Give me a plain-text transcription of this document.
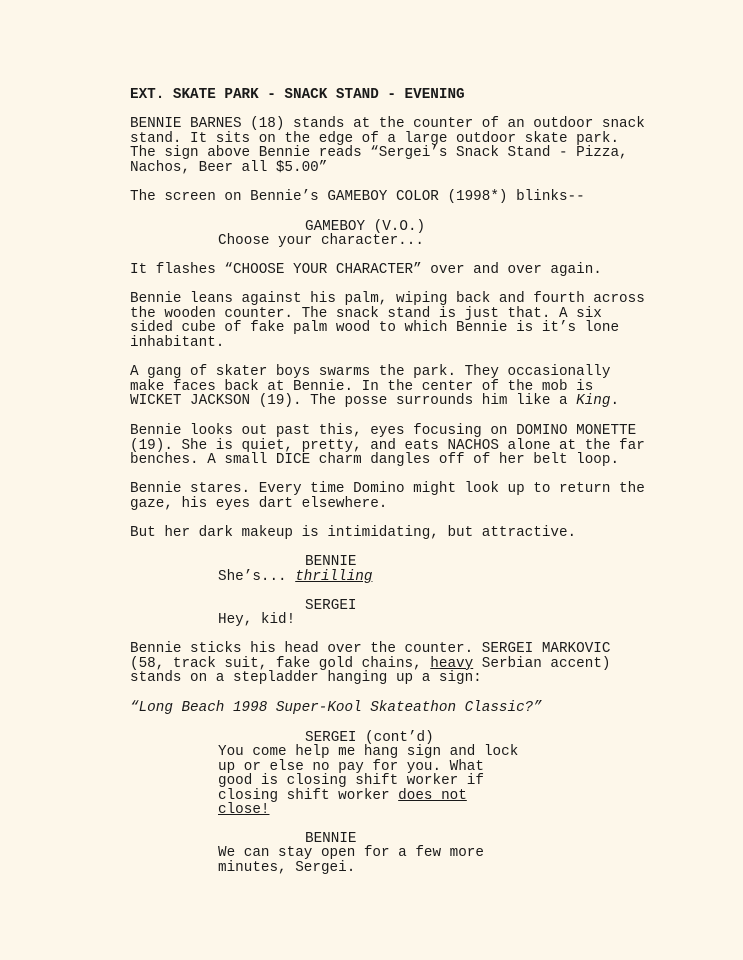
EXT. SKATE PARK - SNACK STAND - EVENING
BENNIE BARNES (18) stands at the counter of an outdoor snack
stand. It sits on the edge of a large outdoor skate park.
The sign above Bennie reads “Sergei’s Snack Stand - Pizza,
Nachos, Beer all $5.00”
The screen on Bennie’s GAMEBOY COLOR (1998*) blinks--
GAMEBOY (V.O.)
Choose your character...
It flashes “CHOOSE YOUR CHARACTER” over and over again.
Bennie leans against his palm, wiping back and fourth across
the wooden counter. The snack stand is just that. A six
sided cube of fake palm wood to which Bennie is it’s lone
inhabitant.
A gang of skater boys swarms the park. They occasionally
make faces back at Bennie. In the center of the mob is
WICKET JACKSON (19). The posse surrounds him like a King.
Bennie looks out past this, eyes focusing on DOMINO MONETTE
(19). She is quiet, pretty, and eats NACHOS alone at the far
benches. A small DICE charm dangles off of her belt loop.
Bennie stares. Every time Domino might look up to return the
gaze, his eyes dart elsewhere.
But her dark makeup is intimidating, but attractive.
BENNIE
She’s... thrilling
SERGEI
Hey, kid!
Bennie sticks his head over the counter. SERGEI MARKOVIC
(58, track suit, fake gold chains, heavy Serbian accent)
stands on a stepladder hanging up a sign:
“Long Beach 1998 Super-Kool Skateathon Classic?”
SERGEI (cont’d)
You come help me hang sign and lock
up or else no pay for you. What
good is closing shift worker if
closing shift worker does not
close!
BENNIE
We can stay open for a few more
minutes, Sergei.
